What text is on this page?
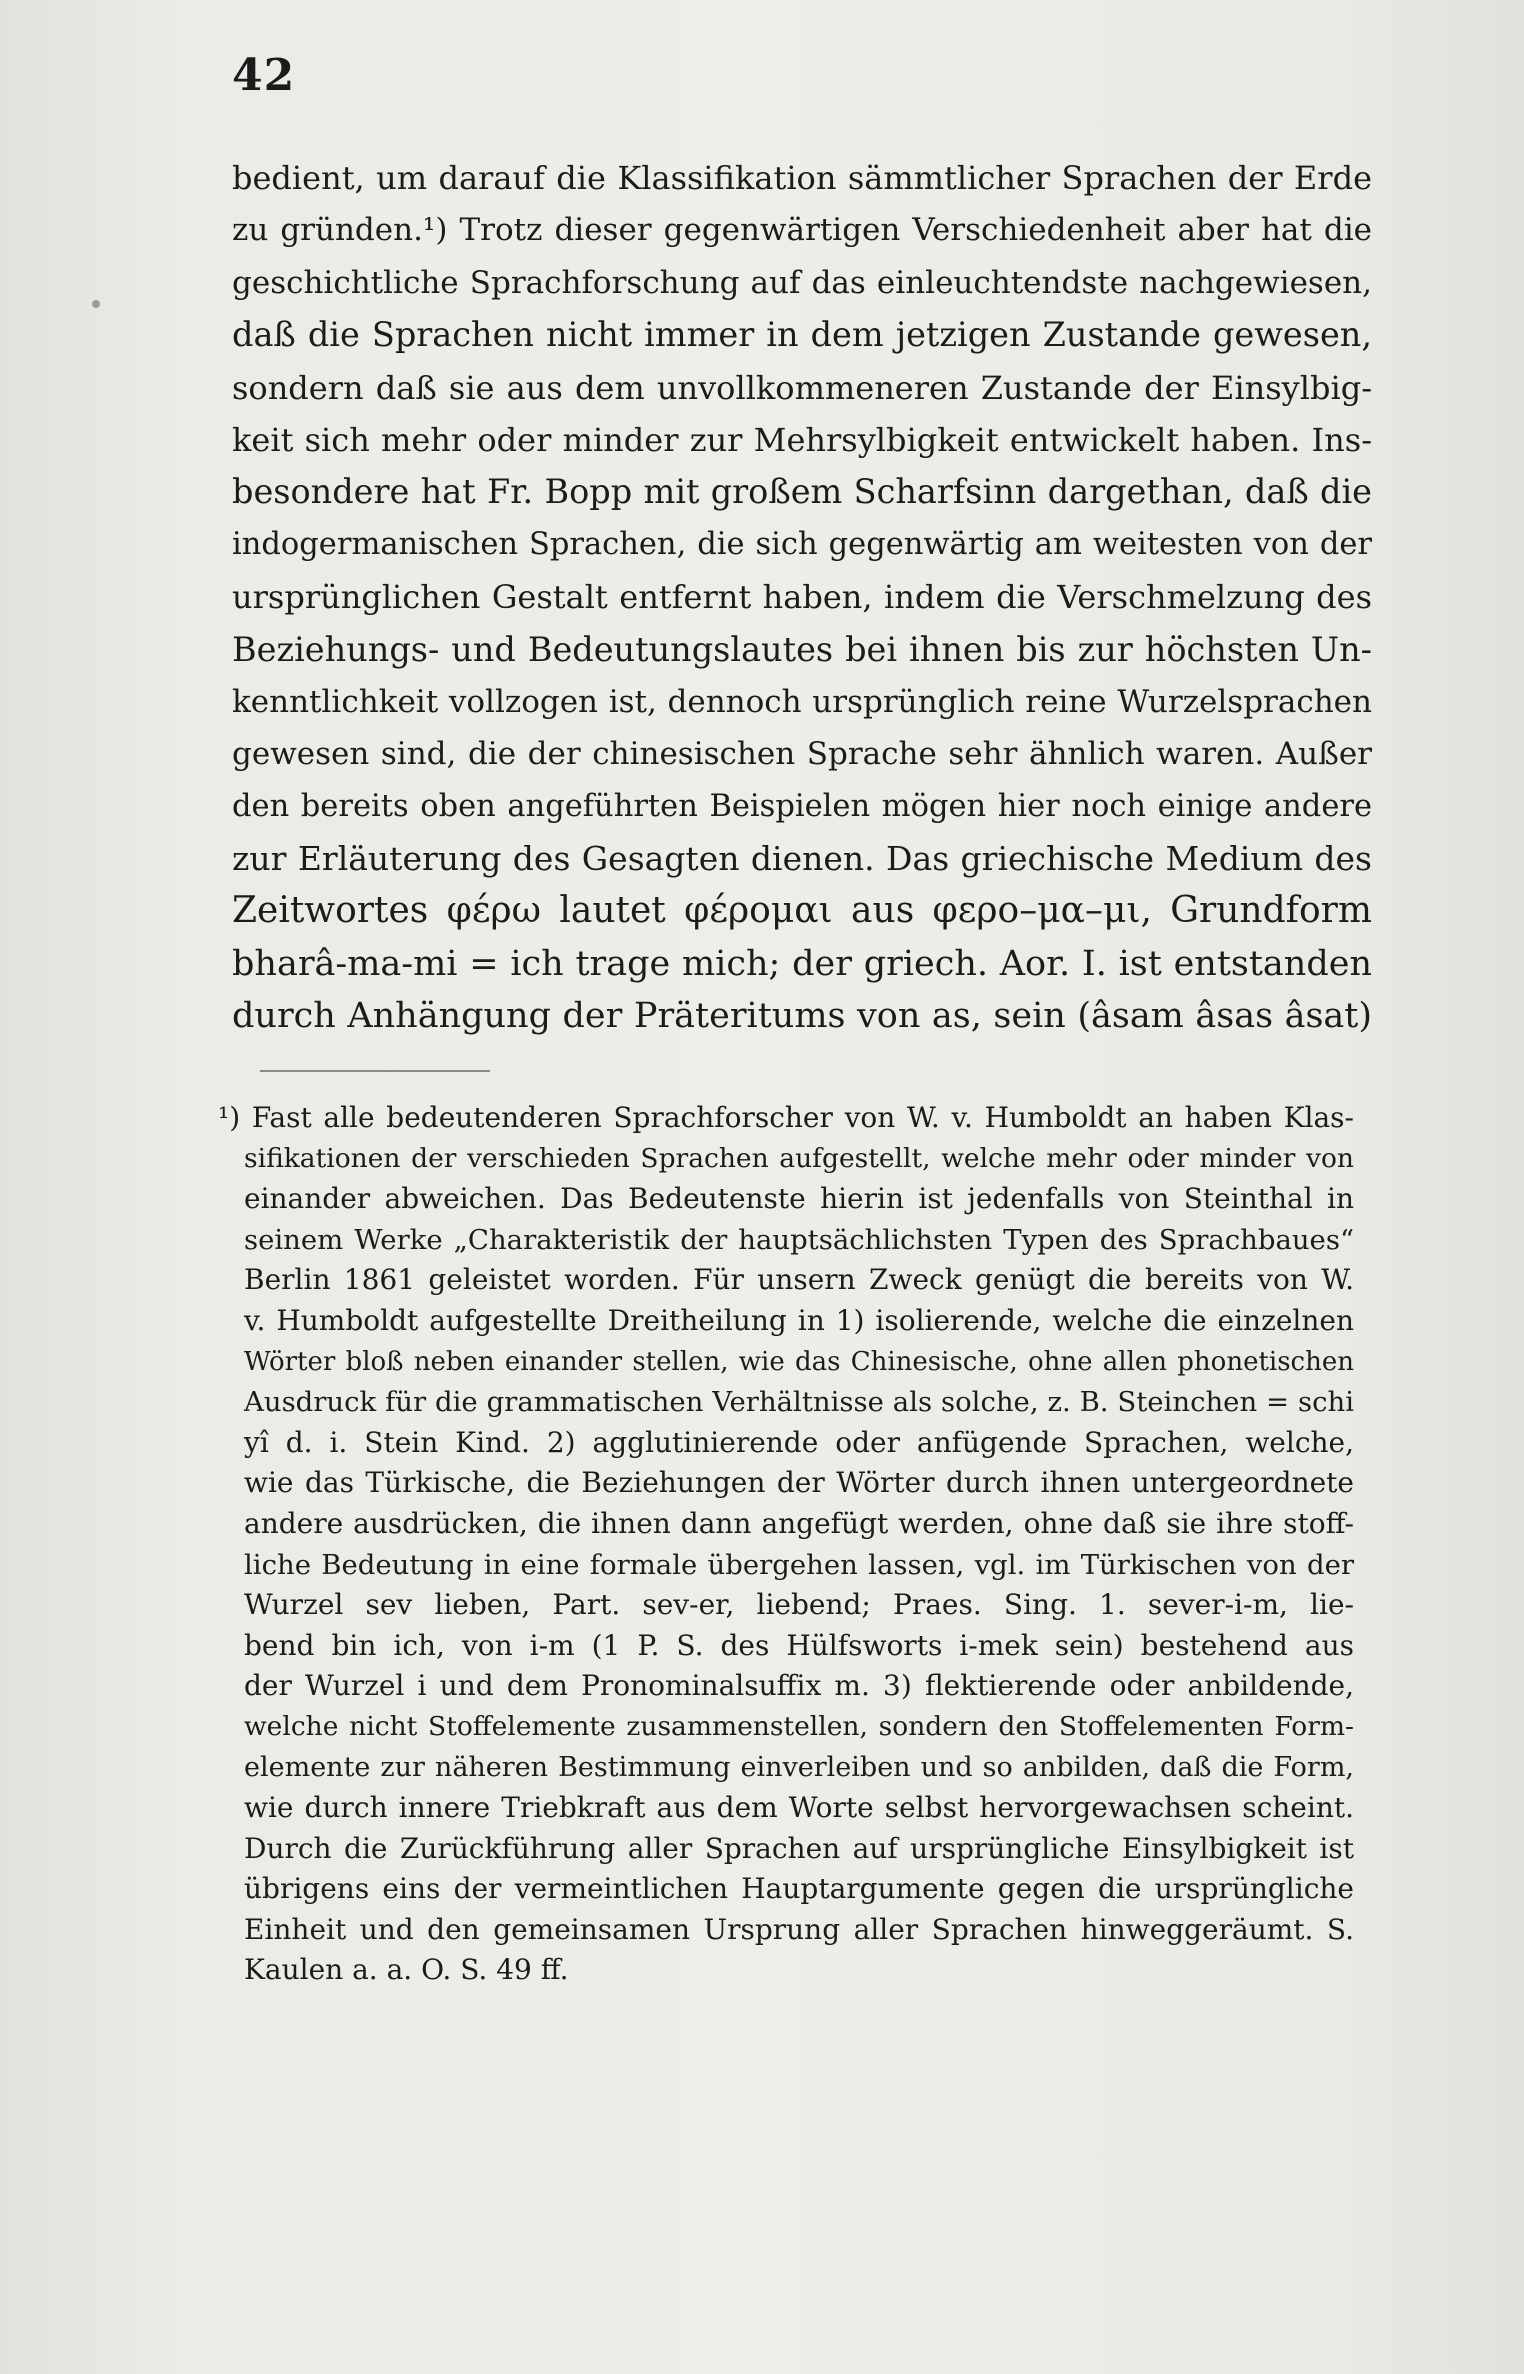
42
bedient, um darauf die Klassifikation sämmtlicher Sprachen der Erde
zu gründen.¹) Trotz dieser gegenwärtigen Verschiedenheit aber hat die
geschichtliche Sprachforschung auf das einleuchtendste nachgewiesen,
daß die Sprachen nicht immer in dem jetzigen Zustande gewesen,
sondern daß sie aus dem unvollkommeneren Zustande der Einsylbig-
keit sich mehr oder minder zur Mehrsylbigkeit entwickelt haben. Ins-
besondere hat Fr. Bopp mit großem Scharfsinn dargethan, daß die
indogermanischen Sprachen, die sich gegenwärtig am weitesten von der
ursprünglichen Gestalt entfernt haben, indem die Verschmelzung des
Beziehungs- und Bedeutungslautes bei ihnen bis zur höchsten Un-
kenntlichkeit vollzogen ist, dennoch ursprünglich reine Wurzelsprachen
gewesen sind, die der chinesischen Sprache sehr ähnlich waren. Außer
den bereits oben angeführten Beispielen mögen hier noch einige andere
zur Erläuterung des Gesagten dienen. Das griechische Medium des
Zeitwortes φέρω lautet φέρομαι aus φερο–μα–μι, Grundform
bharâ-ma-mi = ich trage mich; der griech. Aor. I. ist entstanden
durch Anhängung der Präteritums von as, sein (âsam âsas âsat)
¹) Fast alle bedeutenderen Sprachforscher von W. v. Humboldt an haben Klas-
sifikationen der verschieden Sprachen aufgestellt, welche mehr oder minder von
einander abweichen. Das Bedeutenste hierin ist jedenfalls von Steinthal in
seinem Werke „Charakteristik der hauptsächlichsten Typen des Sprachbaues“
Berlin 1861 geleistet worden. Für unsern Zweck genügt die bereits von W.
v. Humboldt aufgestellte Dreitheilung in 1) isolierende, welche die einzelnen
Wörter bloß neben einander stellen, wie das Chinesische, ohne allen phonetischen
Ausdruck für die grammatischen Verhältnisse als solche, z. B. Steinchen = schi
yî d. i. Stein Kind. 2) agglutinierende oder anfügende Sprachen, welche,
wie das Türkische, die Beziehungen der Wörter durch ihnen untergeordnete
andere ausdrücken, die ihnen dann angefügt werden, ohne daß sie ihre stoff-
liche Bedeutung in eine formale übergehen lassen, vgl. im Türkischen von der
Wurzel sev lieben, Part. sev-er, liebend; Praes. Sing. 1. sever-i-m, lie-
bend bin ich, von i-m (1 P. S. des Hülfsworts i-mek sein) bestehend aus
der Wurzel i und dem Pronominalsuffix m. 3) flektierende oder anbildende,
welche nicht Stoffelemente zusammenstellen, sondern den Stoffelementen Form-
elemente zur näheren Bestimmung einverleiben und so anbilden, daß die Form,
wie durch innere Triebkraft aus dem Worte selbst hervorgewachsen scheint.
Durch die Zurückführung aller Sprachen auf ursprüngliche Einsylbigkeit ist
übrigens eins der vermeintlichen Hauptargumente gegen die ursprüngliche
Einheit und den gemeinsamen Ursprung aller Sprachen hinweggeräumt. S.
Kaulen a. a. O. S. 49 ff.
